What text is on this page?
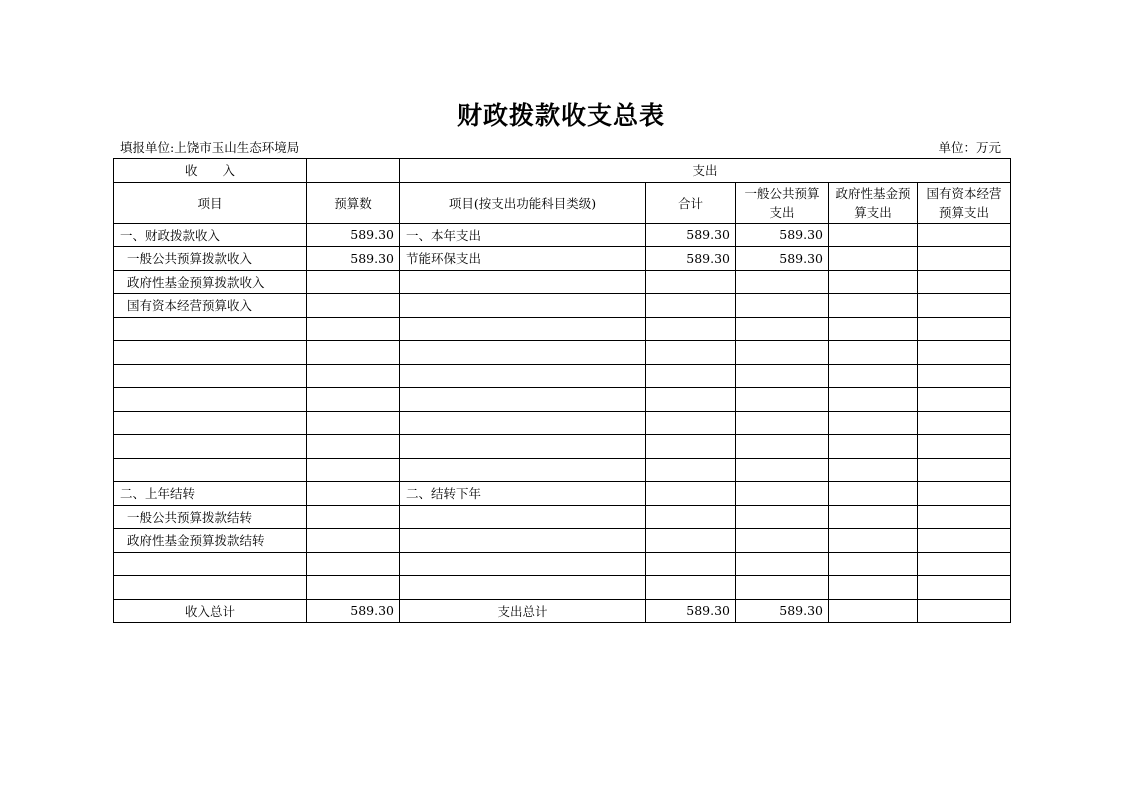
财政拨款收支总表
填报单位:上饶市玉山生态环境局	单位：万元
收　　入		支出				
项目	预算数	项目(按支出功能科目类级)	合计	一般公共预算支出	政府性基金预算支出	国有资本经营预算支出
一、财政拨款收入	589.30	一、本年支出	589.30	589.30		
一般公共预算拨款收入	589.30	节能环保支出	589.30	589.30		
政府性基金预算拨款收入						
国有资本经营预算收入						

二、上年结转		二、结转下年				
一般公共预算拨款结转						
政府性基金预算拨款结转						

收入总计	589.30	支出总计	589.30	589.30		
